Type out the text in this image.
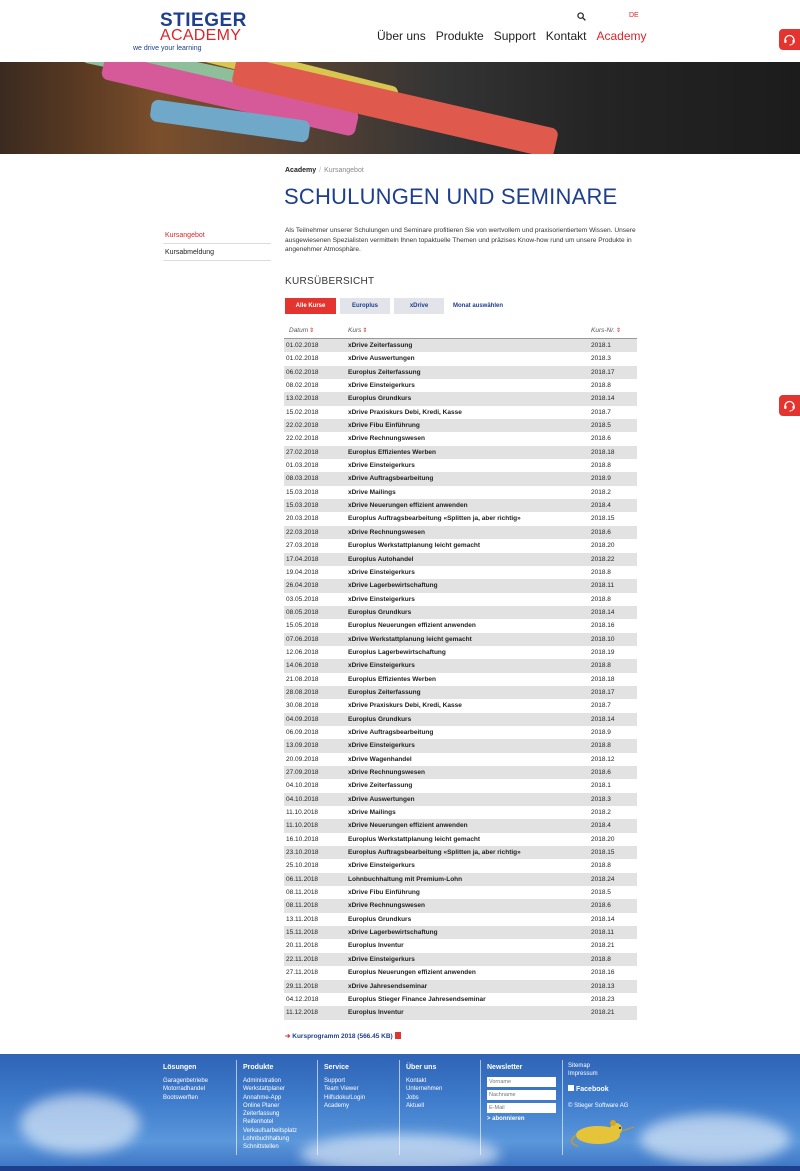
STIEGER
ACADEMY
we drive your learning
DE
Über uns Produkte Support Kontakt Academy
Academy / Kursangebot
SCHULUNGEN UND SEMINARE
Als Teilnehmer unserer Schulungen und Seminare profitieren Sie von wertvollem und praxisorientiertem Wissen. Unsere ausgewiesenen Spezialisten vermitteln Ihnen topaktuelle Themen und präzises Know-how rund um unsere Produkte in angenehmer Atmosphäre.
Kursangebot
Kursabmeldung
KURSÜBERSICHT
Alle Kurse	Europlus	xDrive	Monat auswählen
Datum⇕	Kurs⇕	Kurs-Nr.⇕
01.02.2018	xDrive Zeiterfassung	2018.1
01.02.2018	xDrive Auswertungen	2018.3
06.02.2018	Europlus Zeiterfassung	2018.17
08.02.2018	xDrive Einsteigerkurs	2018.8
13.02.2018	Europlus Grundkurs	2018.14
15.02.2018	xDrive Praxiskurs Debi, Kredi, Kasse	2018.7
22.02.2018	xDrive Fibu Einführung	2018.5
22.02.2018	xDrive Rechnungswesen	2018.6
27.02.2018	Europlus Effizientes Werben	2018.18
01.03.2018	xDrive Einsteigerkurs	2018.8
08.03.2018	xDrive Auftragsbearbeitung	2018.9
15.03.2018	xDrive Mailings	2018.2
15.03.2018	xDrive Neuerungen effizient anwenden	2018.4
20.03.2018	Europlus Auftragsbearbeitung «Splitten ja, aber richtig»	2018.15
22.03.2018	xDrive Rechnungswesen	2018.6
27.03.2018	Europlus Werkstattplanung leicht gemacht	2018.20
17.04.2018	Europlus Autohandel	2018.22
19.04.2018	xDrive Einsteigerkurs	2018.8
26.04.2018	xDrive Lagerbewirtschaftung	2018.11
03.05.2018	xDrive Einsteigerkurs	2018.8
08.05.2018	Europlus Grundkurs	2018.14
15.05.2018	Europlus Neuerungen effizient anwenden	2018.16
07.06.2018	xDrive Werkstattplanung leicht gemacht	2018.10
12.06.2018	Europlus Lagerbewirtschaftung	2018.19
14.06.2018	xDrive Einsteigerkurs	2018.8
21.08.2018	Europlus Effizientes Werben	2018.18
28.08.2018	Europlus Zeiterfassung	2018.17
30.08.2018	xDrive Praxiskurs Debi, Kredi, Kasse	2018.7
04.09.2018	Europlus Grundkurs	2018.14
06.09.2018	xDrive Auftragsbearbeitung	2018.9
13.09.2018	xDrive Einsteigerkurs	2018.8
20.09.2018	xDrive Wagenhandel	2018.12
27.09.2018	xDrive Rechnungswesen	2018.6
04.10.2018	xDrive Zeiterfassung	2018.1
04.10.2018	xDrive Auswertungen	2018.3
11.10.2018	xDrive Mailings	2018.2
11.10.2018	xDrive Neuerungen effizient anwenden	2018.4
16.10.2018	Europlus Werkstattplanung leicht gemacht	2018.20
23.10.2018	Europlus Auftragsbearbeitung «Splitten ja, aber richtig»	2018.15
25.10.2018	xDrive Einsteigerkurs	2018.8
06.11.2018	Lohnbuchhaltung mit Premium-Lohn	2018.24
08.11.2018	xDrive Fibu Einführung	2018.5
08.11.2018	xDrive Rechnungswesen	2018.6
13.11.2018	Europlus Grundkurs	2018.14
15.11.2018	xDrive Lagerbewirtschaftung	2018.11
20.11.2018	Europlus Inventur	2018.21
22.11.2018	xDrive Einsteigerkurs	2018.8
27.11.2018	Europlus Neuerungen effizient anwenden	2018.16
29.11.2018	xDrive Jahresendseminar	2018.13
04.12.2018	Europlus Stieger Finance Jahresendseminar	2018.23
11.12.2018	Europlus Inventur	2018.21
➔ Kursprogramm 2018 (566.45 KB)
Lösungen
Garagenbetriebe
Motorradhandel
Bootswerften
Produkte
Administration
Werkstattplaner
Annahme-App
Online Planer
Zeiterfassung
Reifenhotel
Verkaufsarbeitsplatz
Lohnbuchhaltung
Schnittstellen
Service
Support
Team Viewer
Hilfsdoku/Login
Academy
Über uns
Kontakt
Unternehmen
Jobs
Aktuell
Newsletter
Vorname
Nachname
E-Mail
> abonnieren
Sitemap
Impressum
Facebook
© Stieger Software AG
